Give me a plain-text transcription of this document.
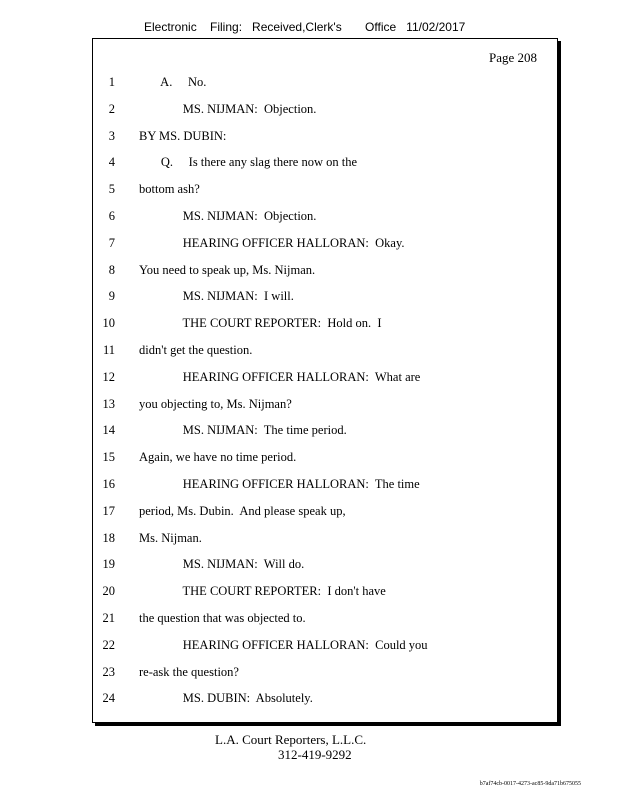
Electronic    Filing:   Received,Clerk's       Office   11/02/2017
Page 208
1 A.     No.
2 MS. NIJMAN:  Objection.
3 BY MS. DUBIN:
4 Q.     Is there any slag there now on the
5 bottom ash?
6 MS. NIJMAN:  Objection.
7 HEARING OFFICER HALLORAN:  Okay.
8 You need to speak up, Ms. Nijman.
9 MS. NIJMAN:  I will.
10 THE COURT REPORTER:  Hold on.  I
11 didn't get the question.
12 HEARING OFFICER HALLORAN:  What are
13 you objecting to, Ms. Nijman?
14 MS. NIJMAN:  The time period.
15 Again, we have no time period.
16 HEARING OFFICER HALLORAN:  The time
17 period, Ms. Dubin.  And please speak up,
18 Ms. Nijman.
19 MS. NIJMAN:  Will do.
20 THE COURT REPORTER:  I don't have
21 the question that was objected to.
22 HEARING OFFICER HALLORAN:  Could you
23 re-ask the question?
24 MS. DUBIN:  Absolutely.
L.A. Court Reporters, L.L.C.
312-419-9292
b7af74cb-0017-4273-ac85-9da71b675055
